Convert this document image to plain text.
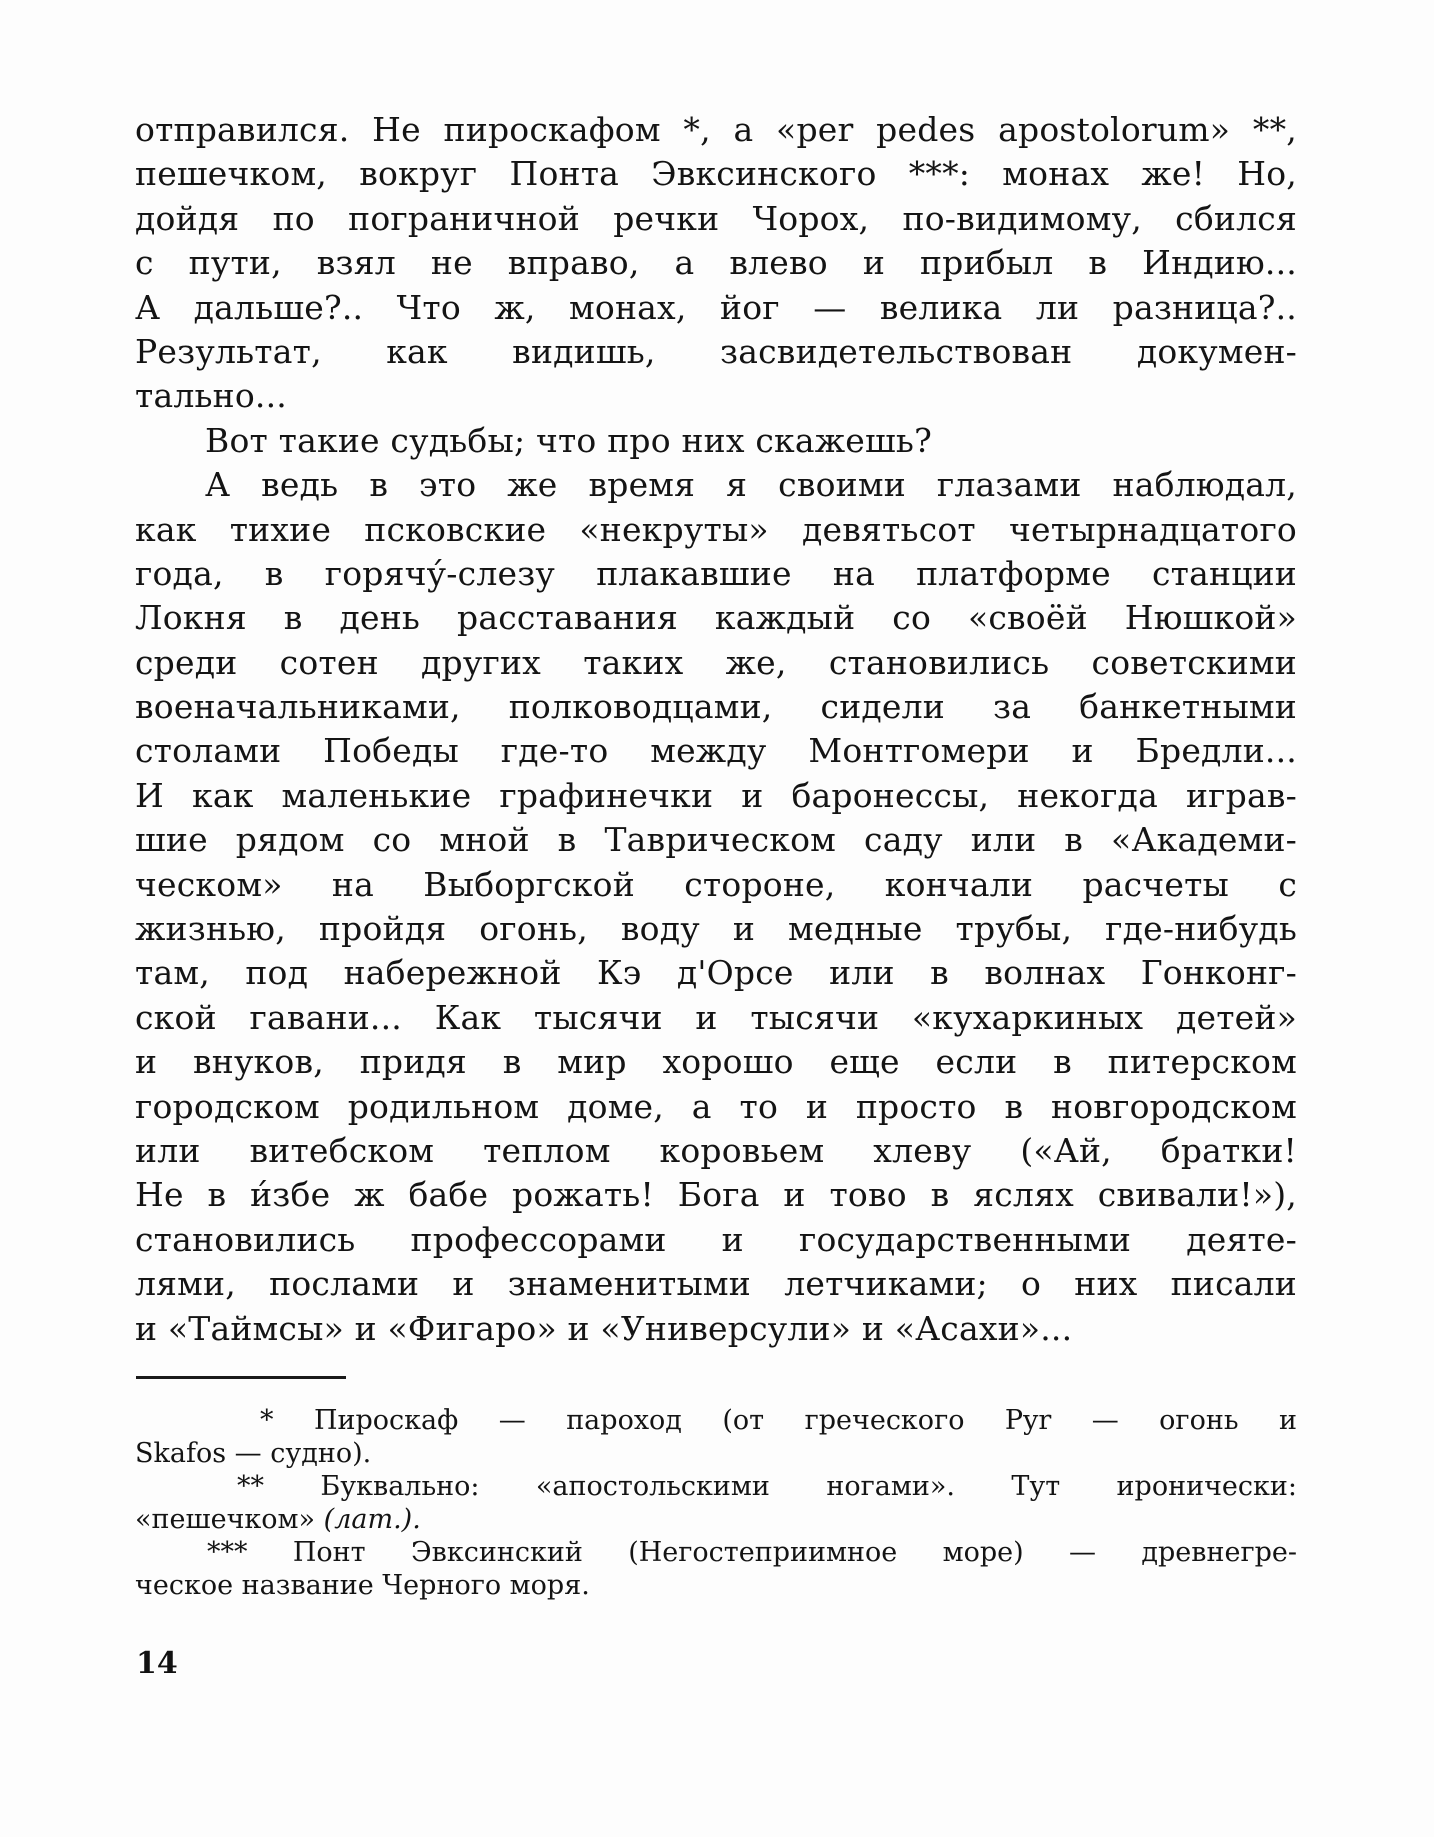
отправился. Не пироскафом *, а «per pedes apostolorum» **,
пешечком, вокруг Понта Эвксинского ***: монах же! Но,
дойдя по пограничной речки Чорох, по-видимому, сбился
с пути, взял не вправо, а влево и прибыл в Индию...
А дальше?.. Что ж, монах, йог — велика ли разница?..
Результат, как видишь, засвидетельствован докумен-
тально...
Вот такие судьбы; что про них скажешь?
А ведь в это же время я своими глазами наблюдал,
как тихие псковские «некруты» девятьсот четырнадцатого
года, в горячу́-слезу плакавшие на платформе станции
Локня в день расставания каждый со «своёй Нюшкой»
среди сотен других таких же, становились советскими
военачальниками, полководцами, сидели за банкетными
столами Победы где-то между Монтгомери и Бредли...
И как маленькие графинечки и баронессы, некогда играв-
шие рядом со мной в Таврическом саду или в «Академи-
ческом» на Выборгской стороне, кончали расчеты с
жизнью, пройдя огонь, воду и медные трубы, где-нибудь
там, под набережной Кэ д'Орсе или в волнах Гонконг-
ской гавани... Как тысячи и тысячи «кухаркиных детей»
и внуков, придя в мир хорошо еще если в питерском
городском родильном доме, а то и просто в новгородском
или витебском теплом коровьем хлеву («Ай, братки!
Не в и́збе ж бабе рожать! Бога и тово в яслях свивали!»),
становились профессорами и государственными деяте-
лями, послами и знаменитыми летчиками; о них писали
и «Таймсы» и «Фигаро» и «Универсули» и «Асахи»...
* Пироскаф — пароход (от греческого Pyr — огонь и
Skafos — судно).
** Буквально: «апостольскими ногами». Тут иронически:
«пешечком» (лат.).
*** Понт Эвксинский (Негостеприимное море) — древнегре-
ческое название Черного моря.
14
